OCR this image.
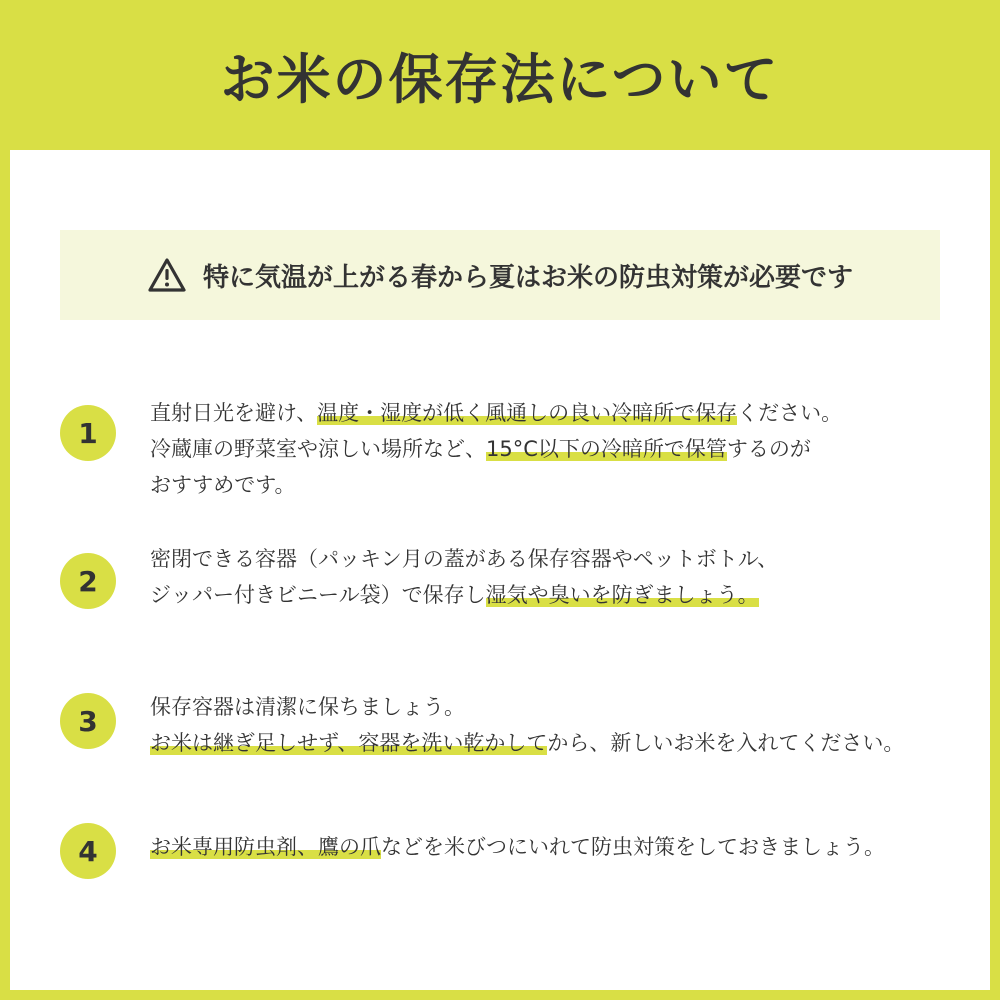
お米の保存法について
特に気温が上がる春から夏はお米の防虫対策が必要です
1
直射日光を避け、温度・湿度が低く風通しの良い冷暗所で保存ください。
冷蔵庫の野菜室や涼しい場所など、15°C以下の冷暗所で保管するのが
おすすめです。
2
密閉できる容器（パッキン月の蓋がある保存容器やペットボトル、
ジッパー付きビニール袋）で保存し湿気や臭いを防ぎましょう。
3	保存容器は清潔に保ちましょう。
お米は継ぎ足しせず、容器を洗い乾かしてから、新しいお米を入れてください。
4	お米専用防虫剤、鷹の爪などを米びつにいれて防虫対策をしておきましょう。
